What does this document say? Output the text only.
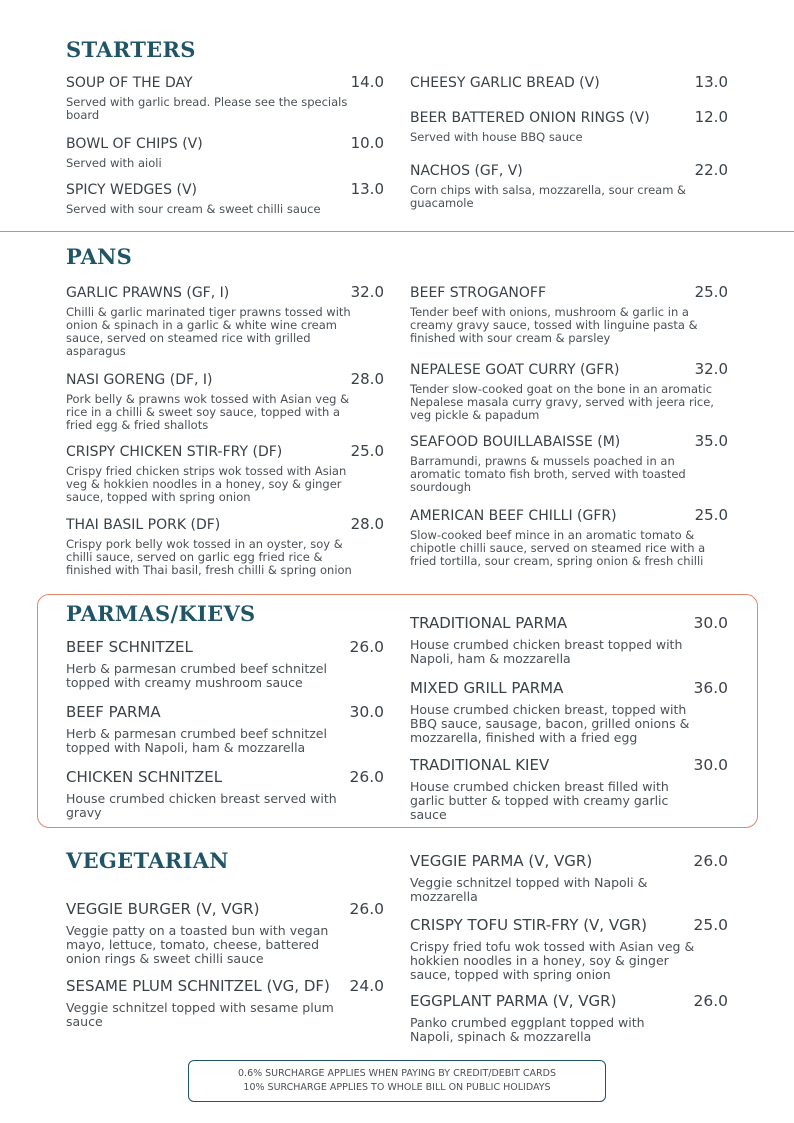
STARTERS
SOUP OF THE DAY	14.0
Served with garlic bread. Please see the specials board
BOWL OF CHIPS (V)	10.0
Served with aioli
SPICY WEDGES (V)	13.0
Served with sour cream & sweet chilli sauce
CHEESY GARLIC BREAD (V)	13.0
BEER BATTERED ONION RINGS (V)	12.0
Served with house BBQ sauce
NACHOS (GF, V)	22.0
Corn chips with salsa, mozzarella, sour cream & guacamole
PANS
GARLIC PRAWNS (GF, I)	32.0
Chilli & garlic marinated tiger prawns tossed with onion & spinach in a garlic & white wine cream sauce, served on steamed rice with grilled asparagus
NASI GORENG (DF, I)	28.0
Pork belly & prawns wok tossed with Asian veg & rice in a chilli & sweet soy sauce, topped with a fried egg & fried shallots
CRISPY CHICKEN STIR-FRY (DF)	25.0
Crispy fried chicken strips wok tossed with Asian veg & hokkien noodles in a honey, soy & ginger sauce, topped with spring onion
THAI BASIL PORK (DF)	28.0
Crispy pork belly wok tossed in an oyster, soy & chilli sauce, served on garlic egg fried rice & finished with Thai basil, fresh chilli & spring onion
BEEF STROGANOFF	25.0
Tender beef with onions, mushroom & garlic in a creamy gravy sauce, tossed with linguine pasta & finished with sour cream & parsley
NEPALESE GOAT CURRY (GFR)	32.0
Tender slow-cooked goat on the bone in an aromatic Nepalese masala curry gravy, served with jeera rice, veg pickle & papadum
SEAFOOD BOUILLABAISSE (M)	35.0
Barramundi, prawns & mussels poached in an aromatic tomato fish broth, served with toasted sourdough
AMERICAN BEEF CHILLI (GFR)	25.0
Slow-cooked beef mince in an aromatic tomato & chipotle chilli sauce, served on steamed rice with a fried tortilla, sour cream, spring onion & fresh chilli
PARMAS/KIEVS
BEEF SCHNITZEL	26.0
Herb & parmesan crumbed beef schnitzel topped with creamy mushroom sauce
BEEF PARMA	30.0
Herb & parmesan crumbed beef schnitzel topped with Napoli, ham & mozzarella
CHICKEN SCHNITZEL	26.0
House crumbed chicken breast served with gravy
TRADITIONAL PARMA	30.0
House crumbed chicken breast topped with Napoli, ham & mozzarella
MIXED GRILL PARMA	36.0
House crumbed chicken breast, topped with BBQ sauce, sausage, bacon, grilled onions & mozzarella, finished with a fried egg
TRADITIONAL KIEV	30.0
House crumbed chicken breast filled with garlic butter & topped with creamy garlic sauce
VEGETARIAN
VEGGIE BURGER (V, VGR)	26.0
Veggie patty on a toasted bun with vegan mayo, lettuce, tomato, cheese, battered onion rings & sweet chilli sauce
SESAME PLUM SCHNITZEL (VG, DF) 24.0
Veggie schnitzel topped with sesame plum sauce
VEGGIE PARMA (V, VGR)	26.0
Veggie schnitzel topped with Napoli & mozzarella
CRISPY TOFU STIR-FRY (V, VGR)	25.0
Crispy fried tofu wok tossed with Asian veg & hokkien noodles in a honey, soy & ginger sauce, topped with spring onion
EGGPLANT PARMA (V, VGR)	26.0
Panko crumbed eggplant topped with Napoli, spinach & mozzarella
0.6% SURCHARGE APPLIES WHEN PAYING BY CREDIT/DEBIT CARDS
10% SURCHARGE APPLIES TO WHOLE BILL ON PUBLIC HOLIDAYS
